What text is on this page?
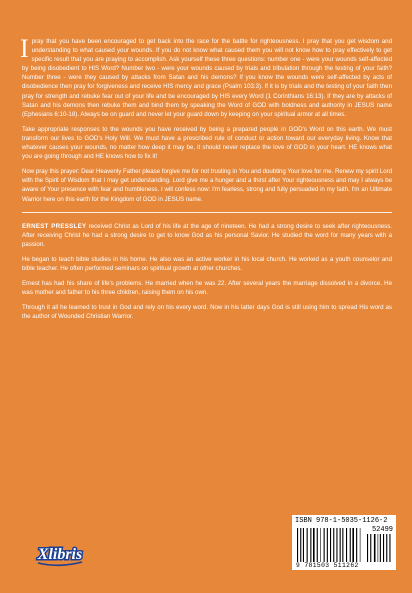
Ipray that you have been encouraged to get back into the race for the battle for righteousness. I pray that you get wisdom and understanding to what caused your wounds. If you do not know what caused them you will not know how to pray effectively to get specific result that you are praying to accomplish. Ask yourself these three questions: number one - were your wounds self-affected by being disobedient to HIS Word? Number two - were your wounds caused by trials and tribulation through the testing of your faith? Number three - were they caused by attacks from Satan and his demons? If you know the wounds were self-affected by acts of disobedience then pray for forgiveness and receive HIS mercy and grace (Psalm 103:3). If it is by trials and the testing of your faith then pray for strength and rebuke fear out of your life and be encouraged by HIS every Word (1 Corinthians 16:13). If they are by attacks of Satan and his demons then rebuke them and bind them by speaking the Word of GOD with boldness and authority in JESUS name (Ephesians 6:10-18). Always be on guard and never let your guard down by keeping on your spiritual armor at all times.

Take appropriate responses to the wounds you have received by being a prepared people in GOD's Word on this earth. We must transform our lives to GOD's Holy Will. We must have a prescribed rule of conduct or action toward our everyday living. Know that whatever causes your wounds, no matter how deep it may be, it should never replace the love of GOD in your heart. HE knows what you are going through and HE knows how to fix it!

Now pray this prayer: Dear Heavenly Father please forgive me for not trusting in You and doubting Your love for me. Renew my spirit Lord with the Spirit of Wisdom that I may get understanding. Lord give me a hunger and a thirst after Your righteousness and may I always be aware of Your presence with fear and humbleness. I will confess now: I'm fearless, strong and fully persuaded in my faith. I'm an Ultimate Warrior here on this earth for the Kingdom of GOD in JESUS name.

ERNEST PRESSLEY received Christ as Lord of his life at the age of nineteen. He had a strong desire to seek after righteousness. After receiving Christ he had a strong desire to get to know God as his personal Savior. He studied the word for many years with a passion.

He began to teach bible studies in his home. He also was an active worker in his local church. He worked as a youth counselor and bible teacher. He often performed seminars on spiritual growth at other churches.

Ernest has had his share of life's problems. He married when he was 22. After several years the marriage dissolved in a divorce. He was mother and father to his three children, raising them on his own.

Through it all he learned to trust in God and rely on his every word. Now in his latter days God is still using him to spread His word as the author of Wounded Christian Warrior.

Xlibris
ISBN 978-1-5035-1126-2
52499
9 781503 511262
